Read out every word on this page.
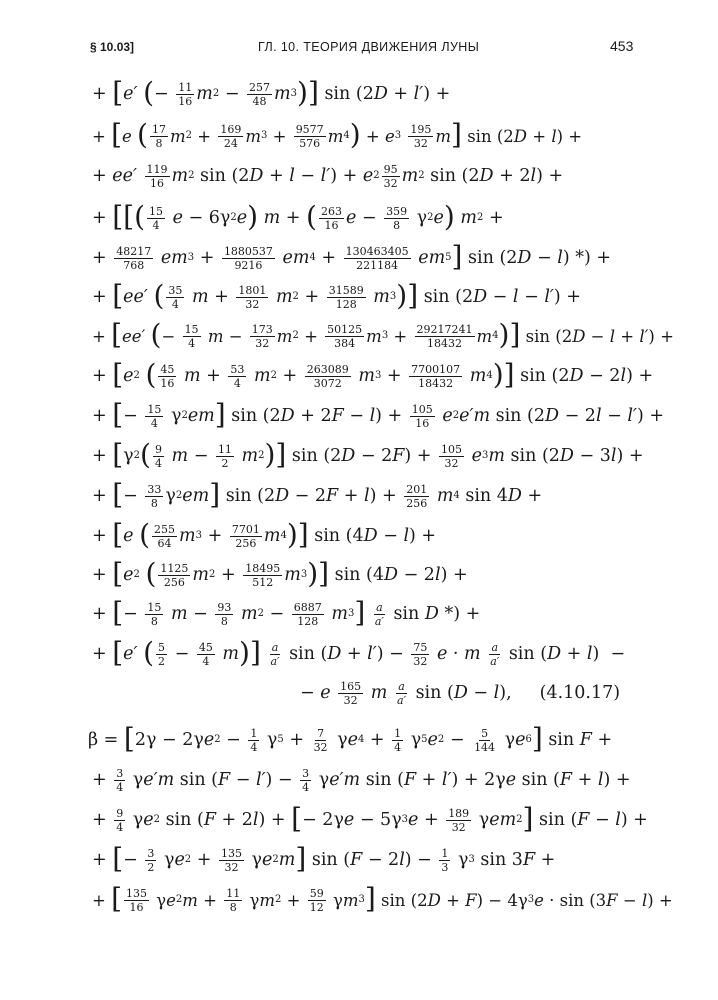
§ 10.03]	ГЛ. 10. ТЕОРИЯ ДВИЖЕНИЯ ЛУНЫ	453
+ [ e′
( − $\frac{11}{16}$ m $2 - \frac{257}{48}$ m 3 )] sin (2 D + l′ ) +
+ [ e
( $\frac{17}{8}$ m $2 + \frac{169}{24}$ m $3 + \frac{9577}{576}$ m 4 ) + e 3
$\frac{195}{32}$ m ] sin (2 D + l ) +
+ ee′
$\frac{119}{16}$ m 2 sin (2 D + l − l′ ) + e $2 \frac{95}{32}$ m 2 sin (2 D + 2 l ) +
+ [[ ( $\frac{15}{4}$
e − 6γ 2 e )
m + ( $\frac{263}{16}$ $e - \frac{359}{8}$ γ 2 e )
m 2 +
+ $\frac{48217}{768}$
em $3 + \frac{1880537}{9216}$
em $4 + \frac{130463405}{221184}$
em 5 ] sin (2 D − l ) *) +
+ [ ee′
( $\frac{35}{4}$
$m + \frac{1801}{32}$
m $2 + \frac{31589}{128}$
m 3 )] sin (2 D − l − l′ ) +
+ [ ee′
( − $\frac{15}{4}$
$m - \frac{173}{32}$ m $2 + \frac{50125}{384}$ m $3 + \frac{29217241}{18432}$ m 4 )] sin (2 D − l + l′ ) +
+ [ e 2
( $\frac{45}{16}$
$m + \frac{53}{4}$
m $2 + \frac{263089}{3072}$
m $3 + \frac{7700107}{18432}$
m 4 )] sin (2 D − 2 l ) +
+ [ − $\frac{15}{4}$ γ 2 em ] sin (2 D + 2 F − l ) + $\frac{105}{16}$
e 2 e′m sin (2 D − 2 l − l′ ) +
+ [ γ 2 ( $\frac{9}{4}$
$m - \frac{11}{2}$
m 2 )] sin (2 D − 2 F ) + $\frac{105}{32}$
e 3 m sin (2 D − 3 l ) +
+ [ − $\frac{33}{8}$ γ 2 em ] sin (2 D − 2 F + l ) + $\frac{201}{256}$
m 4 sin 4 D +
+ [ e
( $\frac{255}{64}$ m $3 + \frac{7701}{256}$ m 4 )] sin (4 D − l ) +
+ [ e 2
( $\frac{1125}{256}$ m $2 + \frac{18495}{512}$ m 3 )] sin (4 D − 2 l ) +
+ [ − $\frac{15}{8}$
$m - \frac{93}{8}$
m $2 - \frac{6887}{128}$
m 3 ]
$\frac{a}{a'}$ sin D *) +
+ [ e′
( $\frac{5}{2} - \frac{45}{4}$
m )]
$\frac{a}{a'}$ sin ( D + l′ ) − $\frac{75}{32}$
e · m
$\frac{a}{a'}$ sin ( D + l )  −
− e
$\frac{165}{32}$
m
$\frac{a}{a'}$ sin ( D − l ), (4.10.17)
β = [ 2γ − 2γ e $2 - \frac{1}{4}$ γ $5 + \frac{7}{32}$ γ e $4 + \frac{1}{4}$ γ 5 e $2 - \frac{5}{144}$ γ e 6 ] sin F +
+ $\frac{3}{4}$ γ e′m sin ( F − l′ ) − $\frac{3}{4}$ γ e′m sin ( F + l′ ) + 2γ e sin ( F + l ) +
+ $\frac{9}{4}$ γ e 2 sin ( F + 2 l ) + [ − 2γ e − 5γ 3 $e + \frac{189}{32}$ γ em 2 ] sin ( F − l ) +
+ [ − $\frac{3}{2}$ γ e $2 + \frac{135}{32}$ γ e 2 m ] sin ( F − 2 l ) − $\frac{1}{3}$ γ 3 sin 3 F +
+ [ $\frac{135}{16}$ γ e 2 $m + \frac{11}{8}$ γ m $2 + \frac{59}{12}$ γ m 3 ] sin (2 D + F ) − 4γ 3 e · sin (3 F − l ) +
